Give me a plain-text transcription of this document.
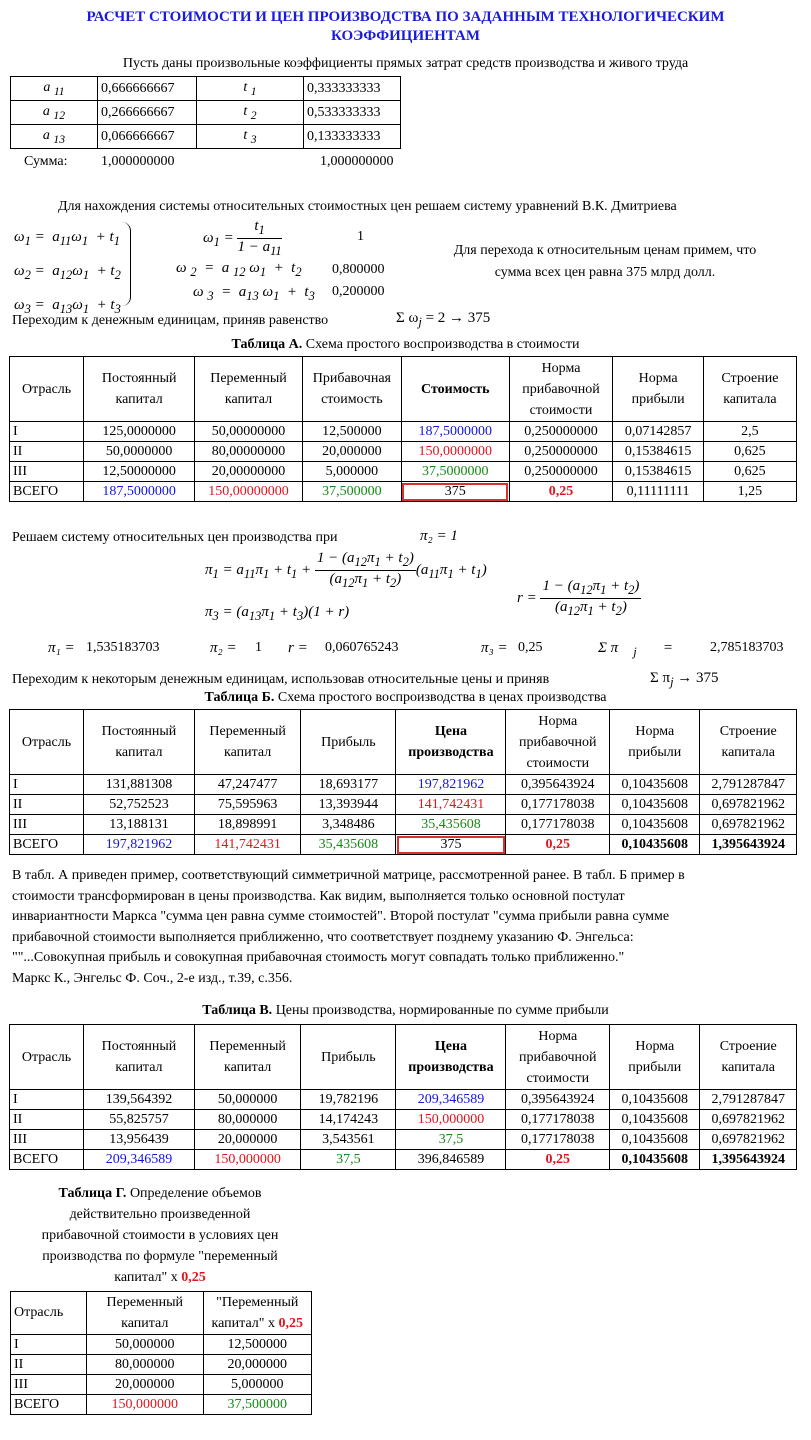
РАСЧЕТ СТОИМОСТИ И ЦЕН ПРОИЗВОДСТВА ПО ЗАДАННЫМ ТЕХНОЛОГИЧЕСКИМ
КОЭФФИЦИЕНТАМ

Пусть даны произвольные коэффициенты прямых затрат средств производства и живого труда

a $_{11}$	0,666666667	t $_1$	0,333333333
a $_{12}$	0,266666667	t $_2$	0,533333333
a $_{13}$	0,066666667	t $_3$	0,133333333
Сумма: 1,000000000	1,000000000

Для нахождения системы относительных стоимостных цен решаем систему уравнений В.К. Дмитриева

$\omega_1 = a_{11}\omega_1 + t_1$
$\omega_2 = a_{12}\omega_1 + t_2$
$\omega_3 = a_{13}\omega_1 + t_3$
$\omega_1 = \frac{t_1}{1 - a_{11}}$
ω $_2$  =  a $_{12}$ $\omega_1 + t_2$
ω $_3 = a_{13}$ $\omega_1 + t_3$
1
0,800000
0,200000
Для перехода к относительным ценам примем, что
сумма всех цен равна 375 млрд долл.

Переходим к денежным единицам, приняв равенство	Σ $\omega_j = 2 \to 375$
Таблица А. Схема простого воспроизводства в стоимости
Отрасль	Постоянный капитал	Переменный капитал	Прибавочная стоимость	Стоимость	Норма прибавочной стоимости	Норма прибыли	Строение капитала
I	125,0000000	50,00000000	12,500000	187,5000000	0,250000000	0,07142857	2,5
II	50,0000000	80,00000000	20,000000	150,0000000	0,250000000	0,15384615	0,625
III	12,50000000	20,00000000	5,000000	37,5000000	0,250000000	0,15384615	0,625
ВСЕГО	187,5000000	150,00000000	37,500000	375	0,25	0,11111111	1,25

Решаем систему относительных цен производства при	π₂ = 1
$\pi_1 = a_{11}\pi_1 + t_1 + \frac{1 - (a_{12}\pi_1 + t_2)}{(a_{12}\pi_1 + t_2)} (a_{11}\pi_1 + t_1)$
$\pi_3 = (a_{13}\pi_1 + t_3)(1 + r)$
$r = \frac{1 - (a_{12}\pi_1 + t_2)}{(a_{12}\pi_1 + t_2)}$
π₁ = 1,535183703	π₂ = 1 r = 0,060765243	π₃ = 0,25	Σ π $_j$ =	2,785183703

Переходим к некоторым денежным единицам, использовав относительные цены и приняв	Σ $\pi_j \to 375$
Таблица Б. Схема простого воспроизводства в ценах производства
Отрасль	Постоянный капитал	Переменный капитал	Прибыль	Цена производства	Норма прибавочной стоимости	Норма прибыли	Строение капитала
I	131,881308	47,247477	18,693177	197,821962	0,395643924	0,10435608	2,791287847
II	52,752523	75,595963	13,393944	141,742431	0,177178038	0,10435608	0,697821962
III	13,188131	18,898991	3,348486	35,435608	0,177178038	0,10435608	0,697821962
ВСЕГО	197,821962	141,742431	35,435608	375	0,25	0,10435608	1,395643924
В табл. А приведен пример, соответствующий симметричной матрице, рассмотренной ранее. В табл. Б пример в
стоимости трансформирован в цены производства. Как видим, выполняется только основной постулат
инвариантности Маркса "сумма цен равна сумме стоимостей". Второй постулат "сумма прибыли равна сумме
прибавочной стоимости выполняется приближенно, что соответствует позднему указанию Ф. Энгельса:
""...Совокупная прибыль и совокупная прибавочная стоимость могут совпадать только приближенно."
Маркс К., Энгельс Ф. Соч., 2-е изд., т.39, с.356.
Таблица В. Цены производства, нормированные по сумме прибыли
Отрасль	Постоянный капитал	Переменный капитал	Прибыль	Цена производства	Норма прибавочной стоимости	Норма прибыли	Строение капитала
I	139,564392	50,000000	19,782196	209,346589	0,395643924	0,10435608	2,791287847
II	55,825757	80,000000	14,174243	150,000000	0,177178038	0,10435608	0,697821962
III	13,956439	20,000000	3,543561	37,5	0,177178038	0,10435608	0,697821962
ВСЕГО	209,346589	150,000000	37,5	396,846589	0,25	0,10435608	1,395643924
Таблица Г. Определение объемов
действительно произведенной
прибавочной стоимости в условиях цен
производства по формуле "переменный
капитал" x 0,25
Отрасль	Переменный капитал	"Переменный капитал" x 0,25
I	50,000000	12,500000
II	80,000000	20,000000
III	20,000000	5,000000
ВСЕГО	150,000000	37,500000
